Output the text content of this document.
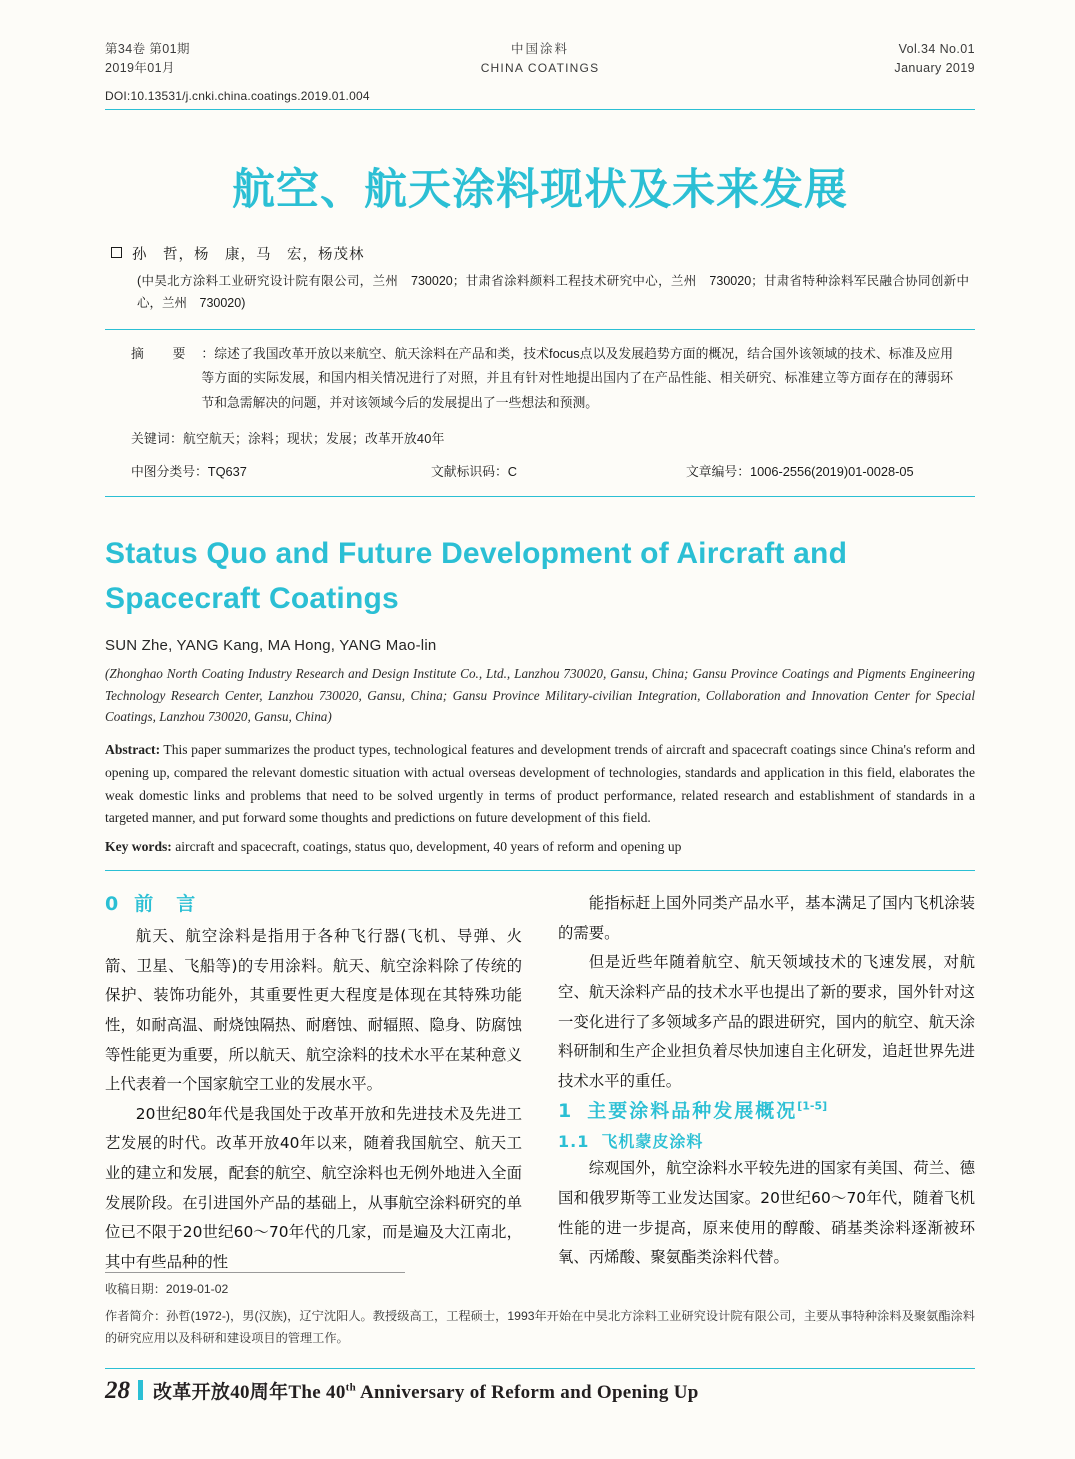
第34卷 第01期
2019年01月
中国涂料
CHINA COATINGS
Vol.34 No.01
January 2019
DOI:10.13531/j.cnki.china.coatings.2019.01.004
航空、航天涂料现状及未来发展
孙　哲，杨　康，马　宏，杨茂林
(中昊北方涂料工业研究设计院有限公司，兰州　730020；甘肃省涂料颜料工程技术研究中心，兰州　730020；甘肃省特种涂料军民融合协同创新中心，兰州　730020)
摘　要 ：综述了我国改革开放以来航空、航天涂料在产品和类，技术focus点以及发展趋势方面的概况，结合国外该领域的技术、标准及应用等方面的实际发展，和国内相关情况进行了对照，并且有针对性地提出国内了在产品性能、相关研究、标准建立等方面存在的薄弱环节和急需解决的问题，并对该领域今后的发展提出了一些想法和预测。
关键词：航空航天；涂料；现状；发展；改革开放40年
中图分类号：TQ637	文献标识码：C	文章编号：1006-2556(2019)01-0028-05
Status Quo and Future Development of Aircraft and Spacecraft Coatings
SUN Zhe, YANG Kang, MA Hong, YANG Mao-lin
(Zhonghao North Coating Industry Research and Design Institute Co., Ltd., Lanzhou 730020, Gansu, China; Gansu Province Coatings and Pigments Engineering Technology Research Center, Lanzhou 730020, Gansu, China; Gansu Province Military-civilian Integration, Collaboration and Innovation Center for Special Coatings, Lanzhou 730020, Gansu, China)
Abstract: This paper summarizes the product types, technological features and development trends of aircraft and spacecraft coatings since China's reform and opening up, compared the relevant domestic situation with actual overseas development of technologies, standards and application in this field, elaborates the weak domestic links and problems that need to be solved urgently in terms of product performance, related research and establishment of standards in a targeted manner, and put forward some thoughts and predictions on future development of this field.
Key words: aircraft and spacecraft, coatings, status quo, development, 40 years of reform and opening up
0 前　言

航天、航空涂料是指用于各种飞行器(飞机、导弹、火箭、卫星、飞船等)的专用涂料。航天、航空涂料除了传统的保护、装饰功能外，其重要性更大程度是体现在其特殊功能性，如耐高温、耐烧蚀隔热、耐磨蚀、耐辐照、隐身、防腐蚀等性能更为重要，所以航天、航空涂料的技术水平在某种意义上代表着一个国家航空工业的发展水平。

20世纪80年代是我国处于改革开放和先进技术及先进工艺发展的时代。改革开放40年以来，随着我国航空、航天工业的建立和发展，配套的航空、航空涂料也无例外地进入全面发展阶段。在引进国外产品的基础上，从事航空涂料研究的单位已不限于20世纪60～70年代的几家，而是遍及大江南北，其中有些品种的性

能指标赶上国外同类产品水平，基本满足了国内飞机涂装的需要。

但是近些年随着航空、航天领域技术的飞速发展，对航空、航天涂料产品的技术水平也提出了新的要求，国外针对这一变化进行了多领域多产品的跟进研究，国内的航空、航天涂料研制和生产企业担负着尽快加速自主化研发，追赶世界先进技术水平的重任。

1 主要涂料品种发展概况[1-5]
1.1 飞机蒙皮涂料

综观国外，航空涂料水平较先进的国家有美国、荷兰、德国和俄罗斯等工业发达国家。20世纪60～70年代，随着飞机性能的进一步提高，原来使用的醇酸、硝基类涂料逐渐被环氧、丙烯酸、聚氨酯类涂料代替。

收稿日期：2019-01-02
作者简介：孙哲(1972-)，男(汉族)，辽宁沈阳人。教授级高工，工程硕士，1993年开始在中昊北方涂料工业研究设计院有限公司，主要从事特种涂料及聚氨酯涂料的研究应用以及科研和建设项目的管理工作。
28 改革开放40周年The 40th Anniversary of Reform and Opening Up
